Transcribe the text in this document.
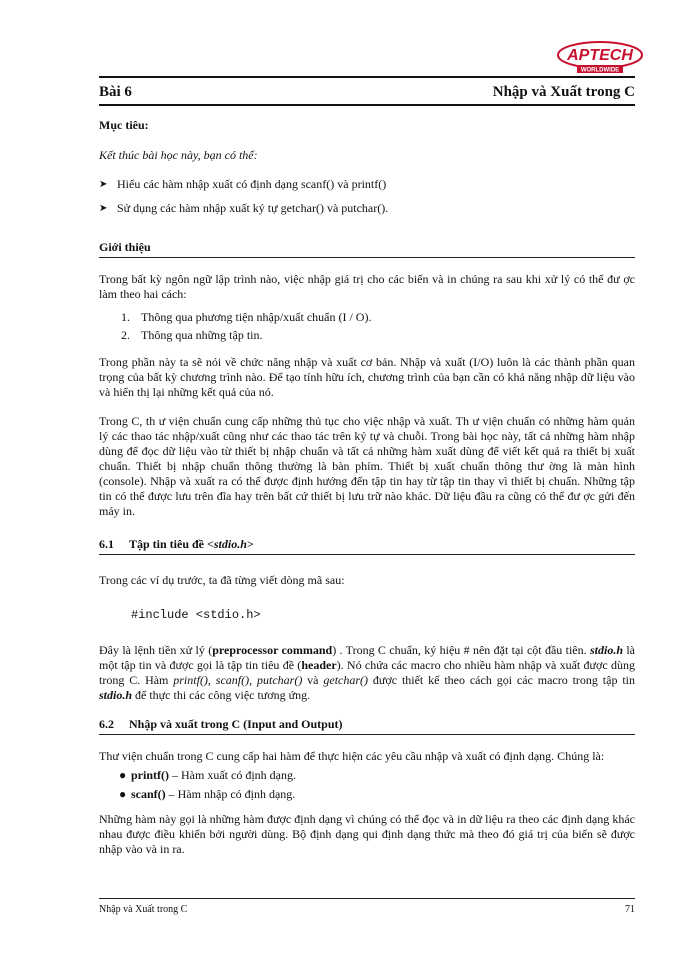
APTECH
WORLDWIDE
Bài 6	Nhập và Xuất trong C

Mục tiêu:

Kết thúc bài học này, bạn có thể:

➤ Hiểu các hàm nhập xuất có định dạng scanf() và printf()
➤ Sử dụng các hàm nhập xuất ký tự getchar() và putchar().
Giới thiệu

Trong bất kỳ ngôn ngữ lập trình nào, việc nhập giá trị cho các biến và in chúng ra sau khi xử lý có thể đư ợc làm theo hai cách:

1. Thông qua phương tiện nhập/xuất chuẩn (I / O).
2. Thông qua những tập tin.

Trong phần này ta sẽ nói về chức năng nhập và xuất cơ bản. Nhập và xuất (I/O) luôn là các thành phần quan trọng của bất kỳ chương trình nào. Để tạo tính hữu ích, chương trình của bạn cần có khả năng nhập dữ liệu vào và hiển thị lại những kết quả của nó.

Trong C, th ư viện chuẩn cung cấp những thủ tục cho việc nhập và xuất. Th ư viện chuẩn có những hàm quản lý các thao tác nhập/xuất cũng như các thao tác trên ký tự và chuỗi. Trong bài học này, tất cả những hàm nhập dùng để đọc dữ liệu vào từ thiết bị nhập chuẩn và tất cả những hàm xuất dùng để viết kết quả ra thiết bị xuất chuẩn. Thiết bị nhập chuẩn thông thường là bàn phím. Thiết bị xuất chuẩn thông thư ờng là màn hình (console). Nhập và xuất ra có thể được định hướng đến tập tin hay từ tập tin thay vì thiết bị chuẩn. Những tập tin có thể được lưu trên đĩa hay trên bất cứ thiết bị lưu trữ nào khác. Dữ liệu đầu ra cũng có thể đư ợc gửi đến máy in.

6.1 Tập tin tiêu đề <stdio.h>

Trong các ví dụ trước, ta đã từng viết dòng mã sau:

#include <stdio.h>

Đây là lệnh tiền xử lý (preprocessor command) . Trong C chuẩn, ký hiệu # nên đặt tại cột đầu tiên. stdio.h là một tập tin và được gọi là tập tin tiêu đề (header). Nó chứa các macro cho nhiều hàm nhập và xuất được dùng trong C. Hàm printf(), scanf(), putchar() và getchar() được thiết kế theo cách gọi các macro trong tập tin stdio.h để thực thi các công việc tương ứng.

6.2 Nhập và xuất trong C (Input and Output)

Thư viện chuẩn trong C cung cấp hai hàm để thực hiện các yêu cầu nhập và xuất có định dạng. Chúng là:

● printf() – Hàm xuất có định dạng.
● scanf() – Hàm nhập có định dạng.

Những hàm này gọi là những hàm được định dạng vì chúng có thể đọc và in dữ liệu ra theo các định dạng khác nhau được điều khiển bởi người dùng. Bộ định dạng qui định dạng thức mà theo đó giá trị của biến sẽ được nhập vào và in ra.

Nhập và Xuất trong C	71
